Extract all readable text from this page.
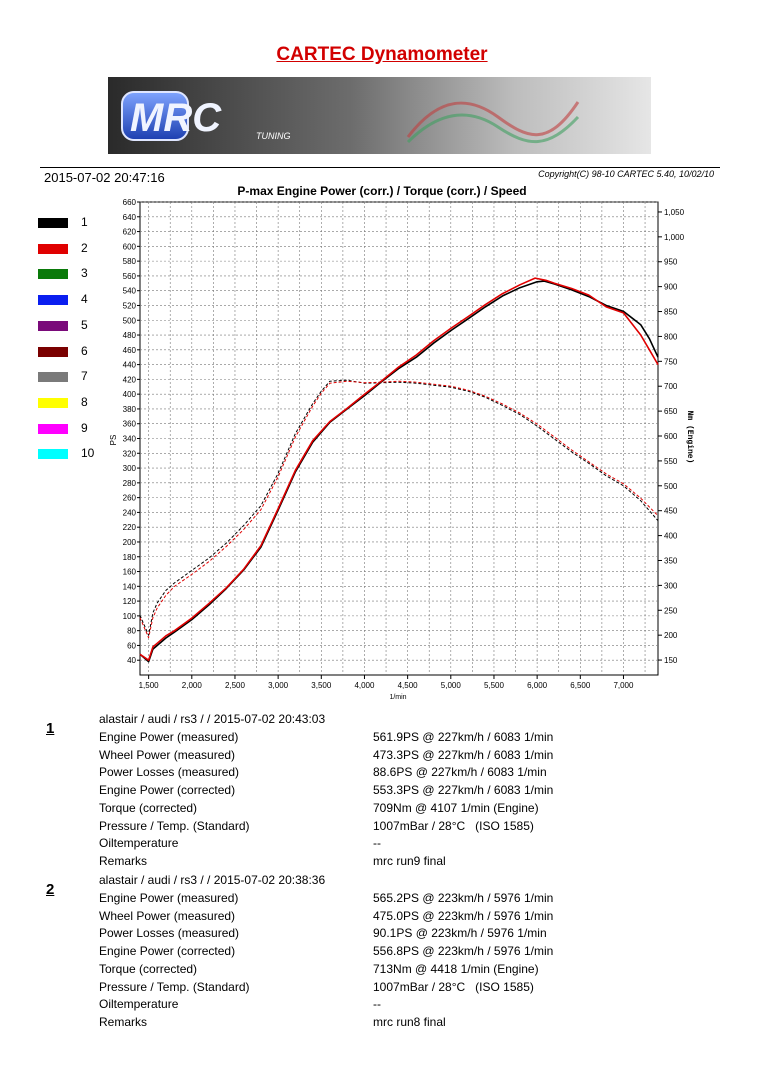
CARTEC Dynamometer
MRC	TUNING
2015-07-02 20:47:16	Copyright(C) 98-10 CARTEC 5.40, 10/02/10
P-max Engine Power (corr.) / Torque (corr.) / Speed
1
2
3
4
5
6
7
8
9
10
1,500	2,000	2,500	3,000	3,500	4,000	4,500	5,000	5,500	6,000	6,500	7,000
40
60
80
100
120
140
160
180
200
220
240
260
280
300
320
340
360
380
400
420
440
460
480
500
520
540
560
580
600
620
640
660
150
200
250
300
350
400
450
500
550
600
650
700
750
800
850
900
950
1,000
1,050
1/min
PS	Nm (Engine)
1
alastair / audi / rs3 / / 2015-07-02 20:43:03
Engine Power (measured)	561.9PS @ 227km/h / 6083 1/min
Wheel Power (measured)	473.3PS @ 227km/h / 6083 1/min
Power Losses (measured)	88.6PS @ 227km/h / 6083 1/min
Engine Power (corrected)	553.3PS @ 227km/h / 6083 1/min
Torque (corrected)	709Nm @ 4107 1/min (Engine)
Pressure / Temp. (Standard)	1007mBar / 28°C   (ISO 1585)
Oiltemperature	--
Remarks	mrc run9 final
2
alastair / audi / rs3 / / 2015-07-02 20:38:36
Engine Power (measured)	565.2PS @ 223km/h / 5976 1/min
Wheel Power (measured)	475.0PS @ 223km/h / 5976 1/min
Power Losses (measured)	90.1PS @ 223km/h / 5976 1/min
Engine Power (corrected)	556.8PS @ 223km/h / 5976 1/min
Torque (corrected)	713Nm @ 4418 1/min (Engine)
Pressure / Temp. (Standard)	1007mBar / 28°C   (ISO 1585)
Oiltemperature	--
Remarks	mrc run8 final
